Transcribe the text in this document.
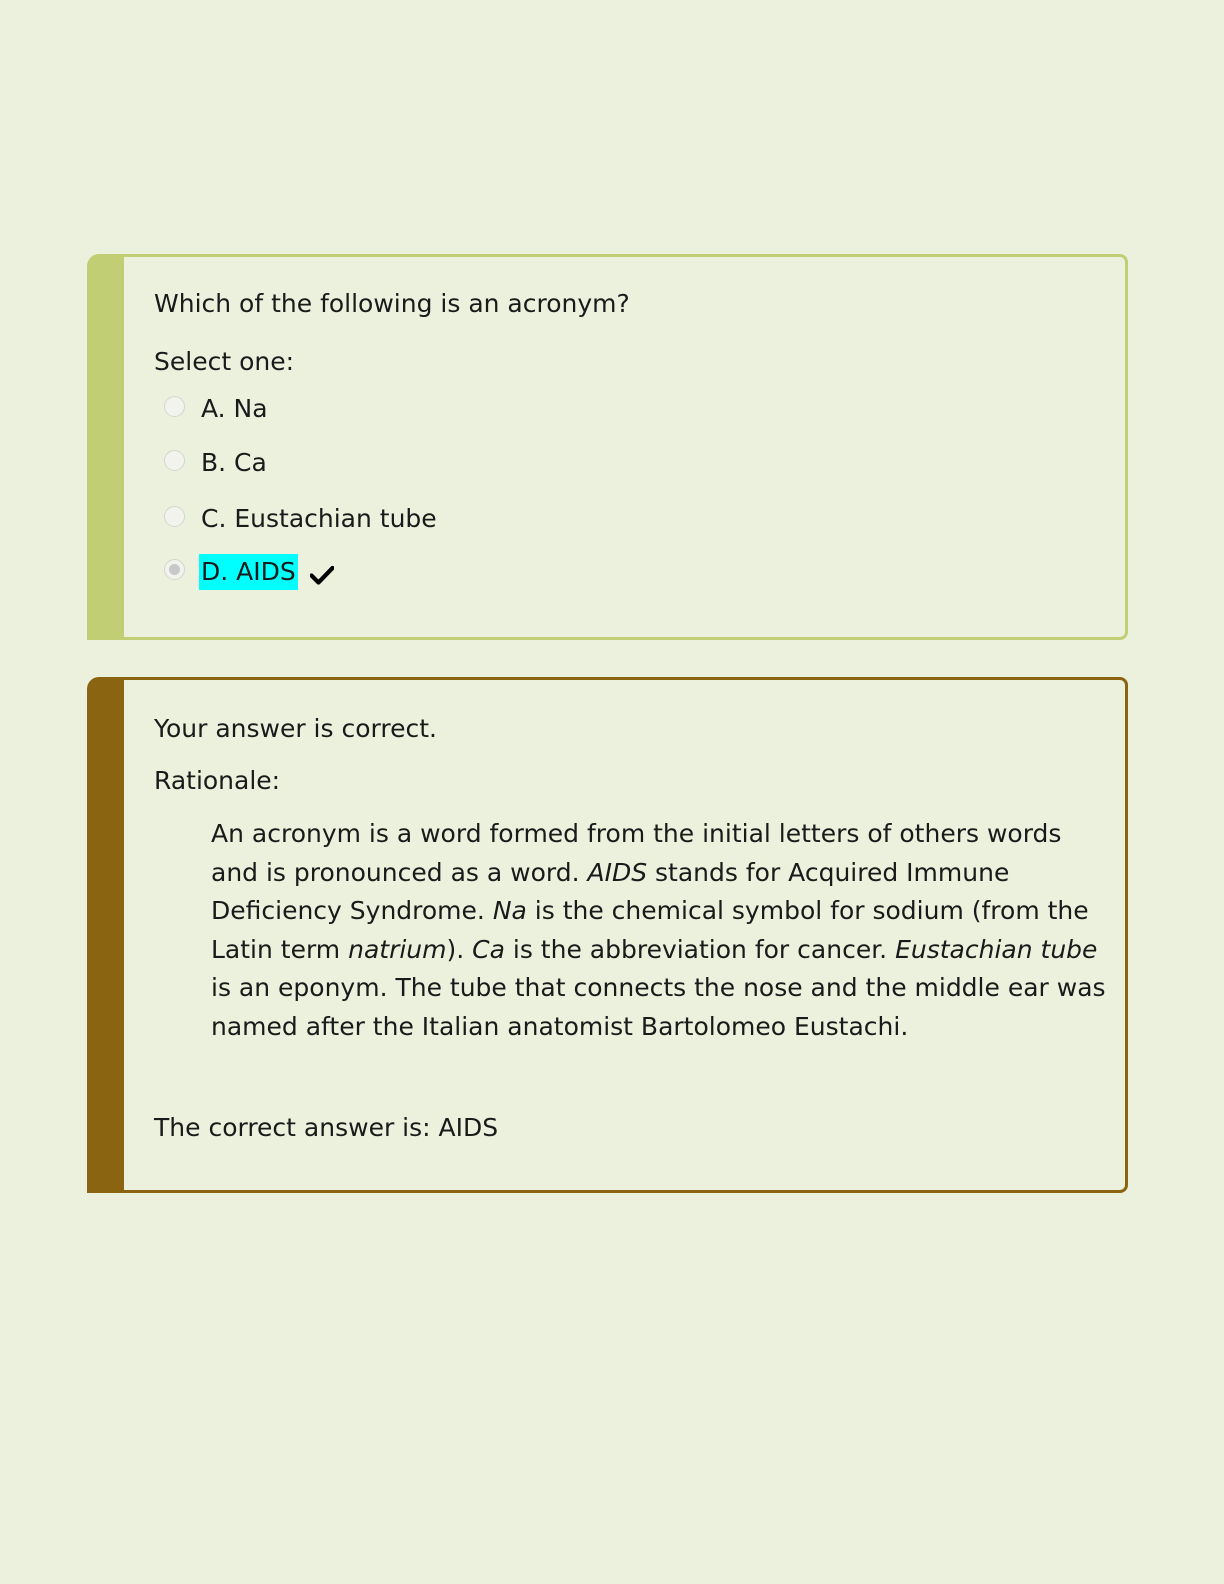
Which of the following is an acronym?

Select one:

A. Na
B. Ca
C. Eustachian tube
D. AIDS

Your answer is correct.

Rationale:

An acronym is a word formed from the initial letters of others words and is pronounced as a word. AIDS stands for Acquired Immune Deficiency Syndrome. Na is the chemical symbol for sodium (from the Latin term natrium). Ca is the abbreviation for cancer. Eustachian tube is an eponym. The tube that connects the nose and the middle ear was named after the Italian anatomist Bartolomeo Eustachi.

The correct answer is: AIDS
